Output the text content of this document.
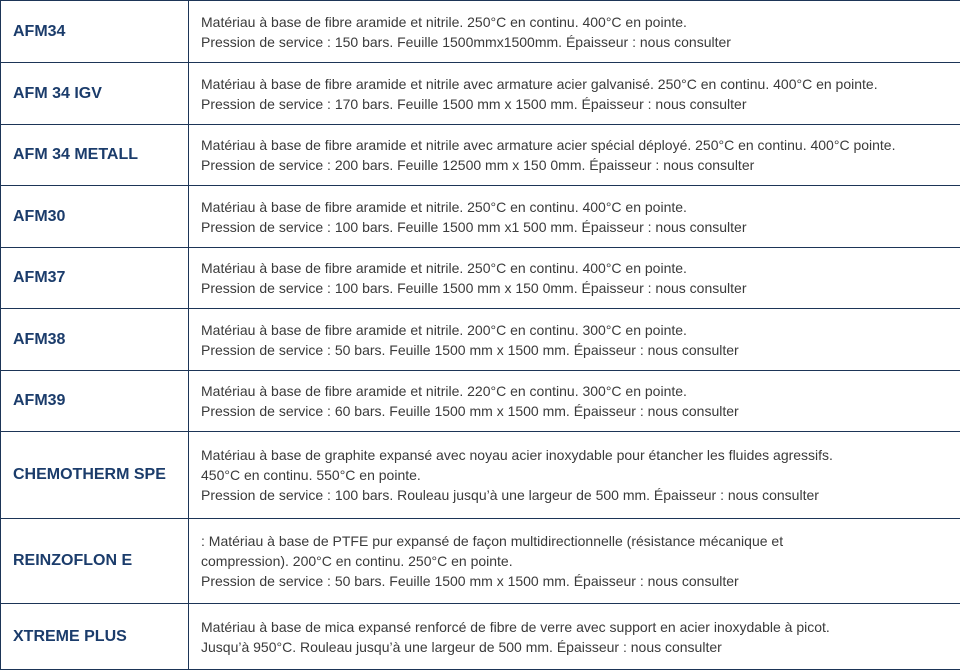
AFM34	Matériau à base de fibre aramide et nitrile. 250°C en continu. 400°C en pointe.
Pression de service : 150 bars. Feuille 1500mmx1500mm. Épaisseur : nous consulter

AFM 34 IGV	Matériau à base de fibre aramide et nitrile avec armature acier galvanisé. 250°C en continu. 400°C en pointe.
Pression de service : 170 bars. Feuille 1500 mm x 1500 mm. Épaisseur : nous consulter

AFM 34 METALL	Matériau à base de fibre aramide et nitrile avec armature acier spécial déployé. 250°C en continu. 400°C pointe.
Pression de service : 200 bars. Feuille 12500 mm x 150 0mm. Épaisseur : nous consulter

AFM30	Matériau à base de fibre aramide et nitrile. 250°C en continu. 400°C en pointe.
Pression de service : 100 bars. Feuille 1500 mm x1 500 mm. Épaisseur : nous consulter

AFM37	Matériau à base de fibre aramide et nitrile. 250°C en continu. 400°C en pointe.
Pression de service : 100 bars. Feuille 1500 mm x 150 0mm. Épaisseur : nous consulter

AFM38	Matériau à base de fibre aramide et nitrile. 200°C en continu. 300°C en pointe.
Pression de service : 50 bars. Feuille 1500 mm x 1500 mm. Épaisseur : nous consulter

AFM39	Matériau à base de fibre aramide et nitrile. 220°C en continu. 300°C en pointe.
Pression de service : 60 bars. Feuille 1500 mm x 1500 mm. Épaisseur : nous consulter

CHEMOTHERM SPE	Matériau à base de graphite expansé avec noyau acier inoxydable pour étancher les fluides agressifs.
450°C en continu. 550°C en pointe.
Pression de service : 100 bars. Rouleau jusqu’à une largeur de 500 mm. Épaisseur : nous consulter

REINZOFLON E	: Matériau à base de PTFE pur expansé de façon multidirectionnelle (résistance mécanique et
compression). 200°C en continu. 250°C en pointe.
Pression de service : 50 bars. Feuille 1500 mm x 1500 mm. Épaisseur : nous consulter

XTREME PLUS	Matériau à base de mica expansé renforcé de fibre de verre avec support en acier inoxydable à picot.
Jusqu’à 950°C. Rouleau jusqu’à une largeur de 500 mm. Épaisseur : nous consulter
